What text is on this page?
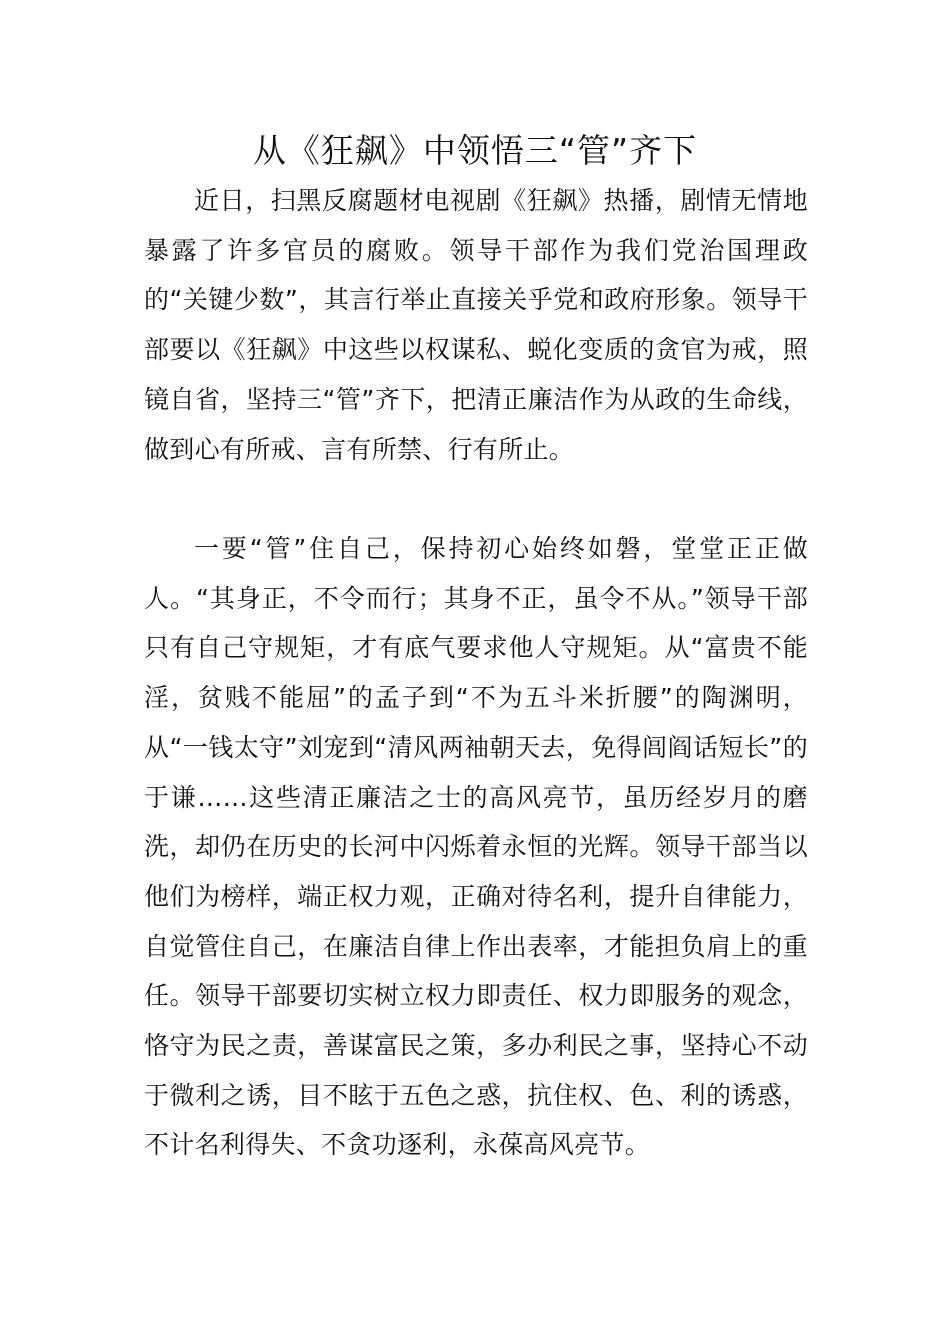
从《狂飙》中领悟三“管”齐下

近日，扫黑反腐题材电视剧《狂飙》热播，剧情无情地暴露了许多官员的腐败。领导干部作为我们党治国理政的“关键少数”，其言行举止直接关乎党和政府形象。领导干部要以《狂飙》中这些以权谋私、蜕化变质的贪官为戒，照镜自省，坚持三“管”齐下，把清正廉洁作为从政的生命线，做到心有所戒、言有所禁、行有所止。

一要“管”住自己，保持初心始终如磐，堂堂正正做人。“其身正，不令而行；其身不正，虽令不从。”领导干部只有自己守规矩，才有底气要求他人守规矩。从“富贵不能淫，贫贱不能屈”的孟子到“不为五斗米折腰”的陶渊明，从“一钱太守”刘宠到“清风两袖朝天去，免得闾阎话短长”的于谦……这些清正廉洁之士的高风亮节，虽历经岁月的磨洗，却仍在历史的长河中闪烁着永恒的光辉。领导干部当以他们为榜样，端正权力观，正确对待名利，提升自律能力，自觉管住自己，在廉洁自律上作出表率，才能担负肩上的重任。领导干部要切实树立权力即责任、权力即服务的观念，恪守为民之责，善谋富民之策，多办利民之事，坚持心不动于微利之诱，目不眩于五色之惑，抗住权、色、利的诱惑，不计名利得失、不贪功逐利，永葆高风亮节。
